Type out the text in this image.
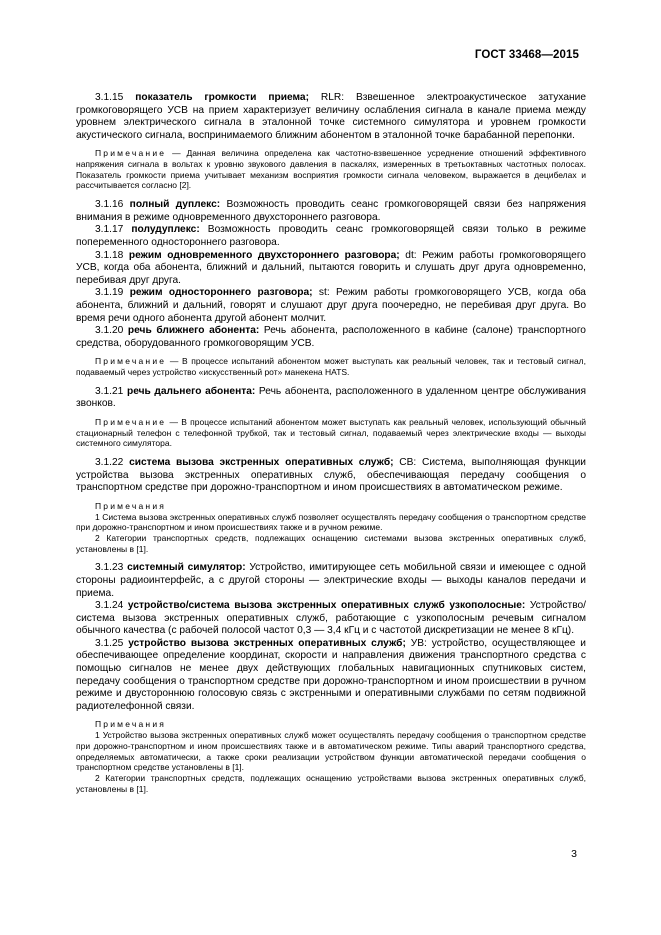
ГОСТ 33468—2015

3.1.15 показатель громкости приема; RLR: Взвешенное электроакустическое затухание громкоговорящего УСВ на прием характеризует величину ослабления сигнала в канале приема между уровнем электрического сигнала в эталонной точке системного симулятора и уровнем громкости акустического сигнала, воспринимаемого ближним абонентом в эталонной точке барабанной перепонки.

Примечание — Данная величина определена как частотно-взвешенное усреднение отношений эффективного напряжения сигнала в вольтах к уровню звукового давления в паскалях, измеренных в третьоктавных частотных полосах. Показатель громкости приема учитывает механизм восприятия громкости сигнала человеком, выражается в децибелах и рассчитывается согласно [2].

3.1.16 полный дуплекс: Возможность проводить сеанс громкоговорящей связи без напряжения внимания в режиме одновременного двухстороннего разговора.

3.1.17 полудуплекс: Возможность проводить сеанс громкоговорящей связи только в режиме попеременного одностороннего разговора.

3.1.18 режим одновременного двухстороннего разговора; dt: Режим работы громкоговорящего УСВ, когда оба абонента, ближний и дальний, пытаются говорить и слушать друг друга одновременно, перебивая друг друга.

3.1.19 режим одностороннего разговора; st: Режим работы громкоговорящего УСВ, когда оба абонента, ближний и дальний, говорят и слушают друг друга поочередно, не перебивая друг друга. Во время речи одного абонента другой абонент молчит.

3.1.20 речь ближнего абонента: Речь абонента, расположенного в кабине (салоне) транспортного средства, оборудованного громкоговорящим УСВ.

Примечание — В процессе испытаний абонентом может выступать как реальный человек, так и тестовый сигнал, подаваемый через устройство «искусственный рот» манекена HATS.

3.1.21 речь дальнего абонента: Речь абонента, расположенного в удаленном центре обслуживания звонков.

Примечание — В процессе испытаний абонентом может выступать как реальный человек, использующий обычный стационарный телефон с телефонной трубкой, так и тестовый сигнал, подаваемый через электрические входы — выходы системного симулятора.

3.1.22 система вызова экстренных оперативных служб; СВ: Система, выполняющая функции устройства вызова экстренных оперативных служб, обеспечивающая передачу сообщения о транспортном средстве при дорожно-транспортном и ином происшествиях в автоматическом режиме.

Примечания

1 Система вызова экстренных оперативных служб позволяет осуществлять передачу сообщения о транспортном средстве при дорожно-транспортном и ином происшествиях также и в ручном режиме.

2 Категории транспортных средств, подлежащих оснащению системами вызова экстренных оперативных служб, установлены в [1].

3.1.23 системный симулятор: Устройство, имитирующее сеть мобильной связи и имеющее с одной стороны радиоинтерфейс, а с другой стороны — электрические входы — выходы каналов передачи и приема.

3.1.24 устройство/система вызова экстренных оперативных служб узкополосные: Устройство/система вызова экстренных оперативных служб, работающие с узкополосным речевым сигналом обычного качества (с рабочей полосой частот 0,3 — 3,4 кГц и с частотой дискретизации не менее 8 кГц).

3.1.25 устройство вызова экстренных оперативных служб; УВ: устройство, осуществляющее и обеспечивающее определение координат, скорости и направления движения транспортного средства с помощью сигналов не менее двух действующих глобальных навигационных спутниковых систем, передачу сообщения о транспортном средстве при дорожно-транспортном и ином происшествии в ручном режиме и двустороннюю голосовую связь с экстренными и оперативными службами по сетям подвижной радиотелефонной связи.

Примечания

1 Устройство вызова экстренных оперативных служб может осуществлять передачу сообщения о транспортном средстве при дорожно-транспортном и ином происшествиях также и в автоматическом режиме. Типы аварий транспортного средства, определяемых автоматически, а также сроки реализации устройством функции автоматической передачи сообщения о транспортном средстве установлены в [1].

2 Категории транспортных средств, подлежащих оснащению устройствами вызова экстренных оперативных служб, установлены в [1].

3
